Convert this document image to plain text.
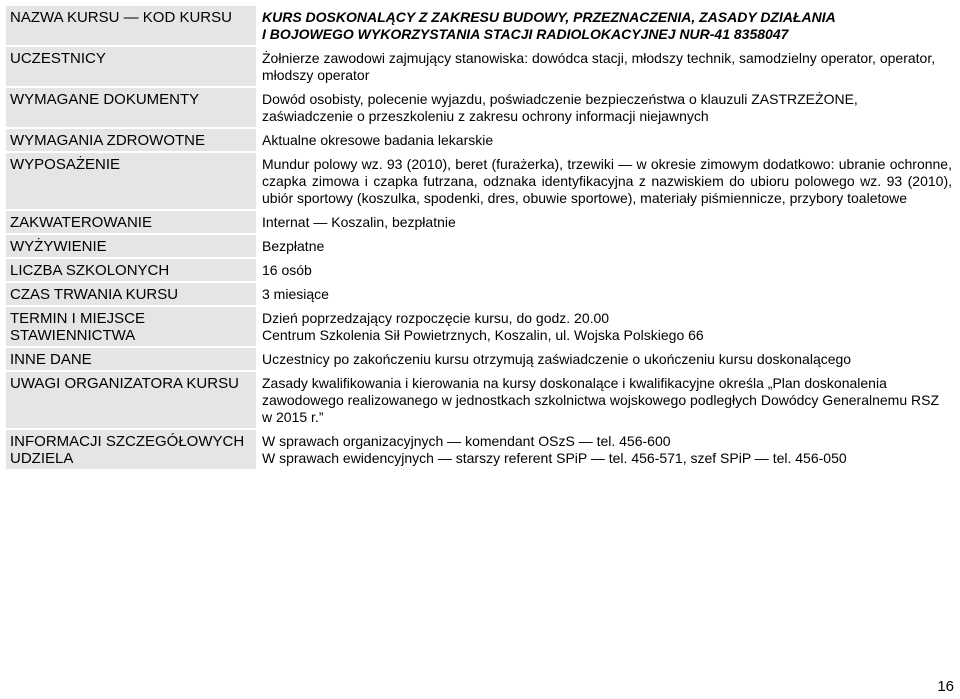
NAZWA KURSU — KOD KURSU	KURS DOSKONALĄCY Z ZAKRESU BUDOWY, PRZEZNACZENIA, ZASADY DZIAŁANIA
I BOJOWEGO WYKORZYSTANIA STACJI RADIOLOKACYJNEJ NUR-41 8358047

UCZESTNICY	Żołnierze zawodowi zajmujący stanowiska: dowódca stacji, młodszy technik, samodzielny operator, operator, młodszy operator
WYMAGANE DOKUMENTY	Dowód osobisty, polecenie wyjazdu, poświadczenie bezpieczeństwa o klauzuli ZASTRZEŻONE, zaświadczenie o przeszkoleniu z zakresu ochrony informacji niejawnych
WYMAGANIA ZDROWOTNE	Aktualne okresowe badania lekarskie
WYPOSAŻENIE	Mundur polowy wz. 93 (2010), beret (furażerka), trzewiki — w okresie zimowym dodatkowo: ubranie ochronne, czapka zimowa i czapka futrzana, odznaka identyfikacyjna z nazwiskiem do ubioru polowego wz. 93 (2010), ubiór sportowy (koszulka, spodenki, dres, obuwie sportowe), materiały piśmiennicze, przybory toaletowe
ZAKWATEROWANIE	Internat — Koszalin, bezpłatnie
WYŻYWIENIE	Bezpłatne
LICZBA SZKOLONYCH	16 osób
CZAS TRWANIA KURSU	3 miesiące
TERMIN I MIEJSCE STAWIENNICTWA	Dzień poprzedzający rozpoczęcie kursu, do godz. 20.00
Centrum Szkolenia Sił Powietrznych, Koszalin, ul. Wojska Polskiego 66

INNE DANE	Uczestnicy po zakończeniu kursu otrzymują zaświadczenie o ukończeniu kursu doskonalącego
UWAGI ORGANIZATORA KURSU	Zasady kwalifikowania i kierowania na kursy doskonalące i kwalifikacyjne określa „Plan doskonalenia zawodowego realizowanego w jednostkach szkolnictwa wojskowego podległych Dowódcy Generalnemu RSZ w 2015 r.”
INFORMACJI SZCZEGÓŁOWYCH UDZIELA	W sprawach organizacyjnych — komendant OSzS — tel. 456-600
W sprawach ewidencyjnych — starszy referent SPiP — tel. 456-571, szef SPiP — tel. 456-050
16
